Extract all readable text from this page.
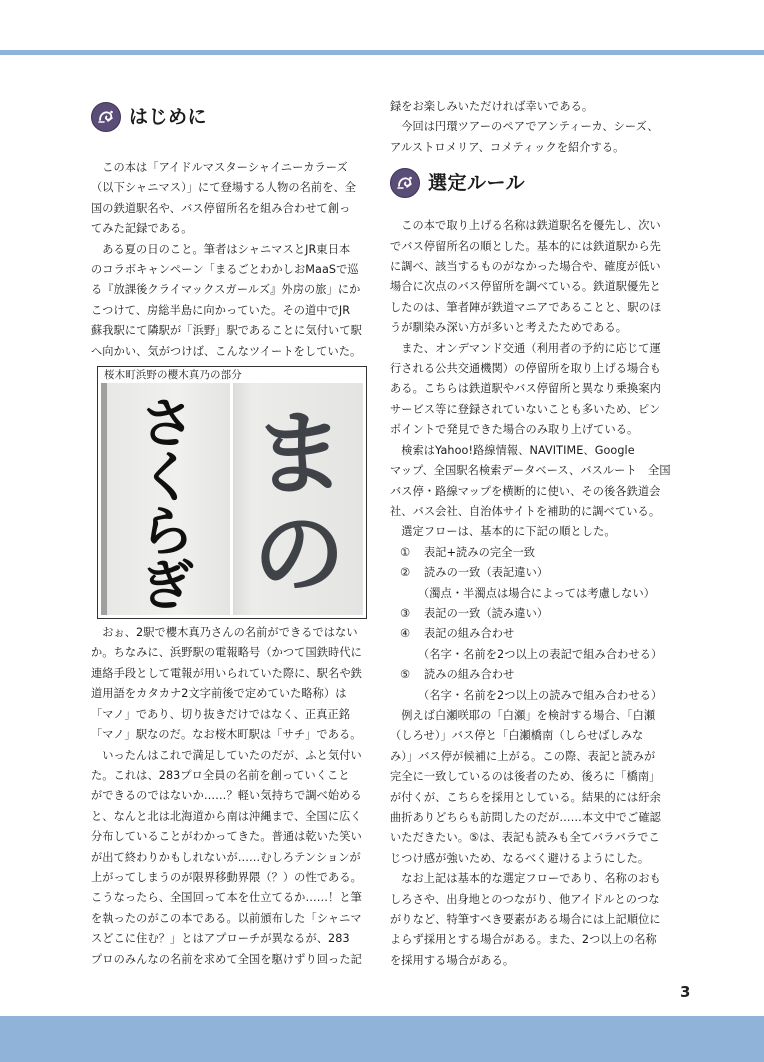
はじめに

この本は「アイドルマスターシャイニーカラーズ

（以下シャニマス）」にて登場する人物の名前を、全

国の鉄道駅名や、バス停留所名を組み合わせて創っ

てみた記録である。

ある夏の日のこと。筆者はシャニマスとJR東日本

のコラボキャンペーン「まるごとわかしおMaaSで巡

る『放課後クライマックスガールズ』外房の旅」にか

こつけて、房総半島に向かっていた。その道中でJR

蘇我駅にて隣駅が「浜野」駅であることに気付いて駅

へ向かい、気がつけば、こんなツイートをしていた。

桜木町浜野の櫻木真乃の部分
さ
く
ら
ぎ
ま
の

おぉ、2駅で櫻木真乃さんの名前ができるではない

か。ちなみに、浜野駅の電報略号（かつて国鉄時代に

連絡手段として電報が用いられていた際に、駅名や鉄

道用語をカタカナ2文字前後で定めていた略称）は

「マノ」であり、切り抜きだけではなく、正真正銘

「マノ」駅なのだ。なお桜木町駅は「サチ」である。

いったんはこれで満足していたのだが、ふと気付い

た。これは、283プロ全員の名前を創っていくこと

ができるのではないか……？軽い気持ちで調べ始める

と、なんと北は北海道から南は沖縄まで、全国に広く

分布していることがわかってきた。普通は乾いた笑い

が出て終わりかもしれないが……むしろテンションが

上がってしまうのが限界移動界隈（？）の性である。

こうなったら、全国回って本を仕立てるか……！と筆

を執ったのがこの本である。以前頒布した「シャニマ

スどこに住む？」とはアプローチが異なるが、283

プロのみんなの名前を求めて全国を駆けずり回った記

録をお楽しみいただければ幸いである。

今回は円環ツアーのペアでアンティーカ、シーズ、

アルストロメリア、コメティックを紹介する。

選定ルール

この本で取り上げる名称は鉄道駅名を優先し、次い

でバス停留所名の順とした。基本的には鉄道駅から先

に調べ、該当するものがなかった場合や、確度が低い

場合に次点のバス停留所を調べている。鉄道駅優先と

したのは、筆者陣が鉄道マニアであることと、駅のほ

うが馴染み深い方が多いと考えたためである。

また、オンデマンド交通（利用者の予約に応じて運

行される公共交通機関）の停留所を取り上げる場合も

ある。こちらは鉄道駅やバス停留所と異なり乗換案内

サービス等に登録されていないことも多いため、ピン

ポイントで発見できた場合のみ取り上げている。

検索はYahoo!路線情報、NAVITIME、Google

マップ、全国駅名検索データベース、バスルート　全国

バス停・路線マップを横断的に使い、その後各鉄道会

社、バス会社、自治体サイトを補助的に調べている。

選定フローは、基本的に下記の順とした。

① 表記+読みの完全一致
② 読みの一致（表記違い）
（濁点・半濁点は場合によっては考慮しない）
③ 表記の一致（読み違い）
④ 表記の組み合わせ
（名字・名前を2つ以上の表記で組み合わせる）
⑤ 読みの組み合わせ
（名字・名前を2つ以上の読みで組み合わせる）

例えば白瀬咲耶の「白瀬」を検討する場合、「白瀬

（しろせ）」バス停と「白瀬橋南（しらせばしみな

み）」バス停が候補に上がる。この際、表記と読みが

完全に一致しているのは後者のため、後ろに「橋南」

が付くが、こちらを採用としている。結果的には紆余

曲折ありどちらも訪問したのだが……本文中でご確認

いただきたい。⑤は、表記も読みも全てバラバラでこ

じつけ感が強いため、なるべく避けるようにした。

なお上記は基本的な選定フローであり、名称のおも

しろさや、出身地とのつながり、他アイドルとのつな

がりなど、特筆すべき要素がある場合には上記順位に

よらず採用とする場合がある。また、2つ以上の名称

を採用する場合がある。

3
